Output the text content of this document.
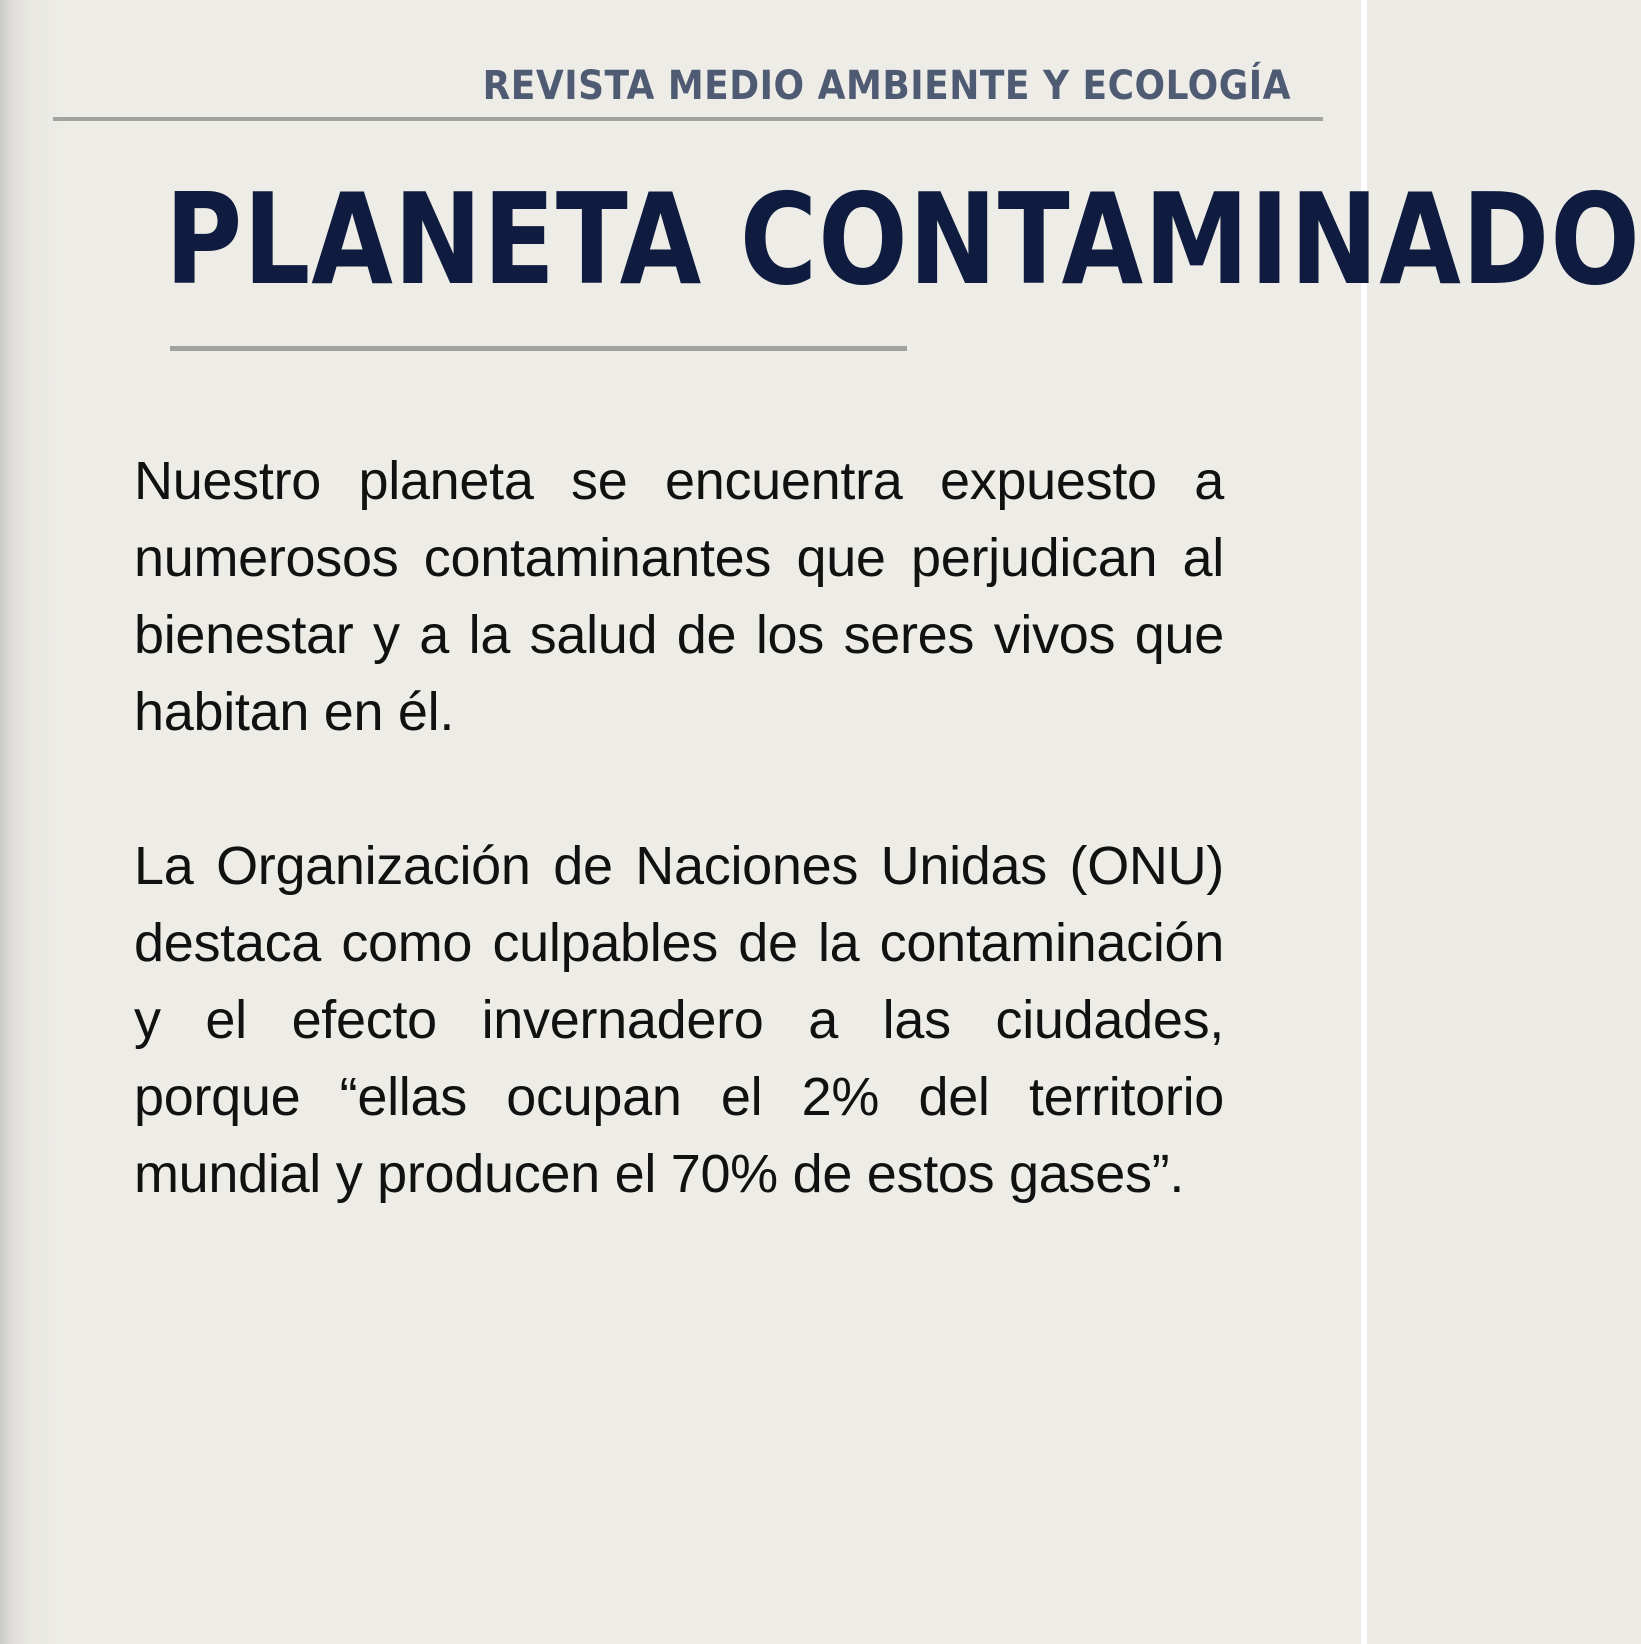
REVISTA MEDIO AMBIENTE Y ECOLOGÍA

PLANETA CONTAMINADO

Nuestro planeta se encuentra expuesto a numerosos contaminantes que perjudican al bienestar y a la salud de los seres vivos que habitan en él.

La Organización de Naciones Unidas (ONU) destaca como culpables de la contaminación y el efecto invernadero a las ciudades, porque “ellas ocupan el 2% del territorio mundial y producen el 70% de estos gases”.
